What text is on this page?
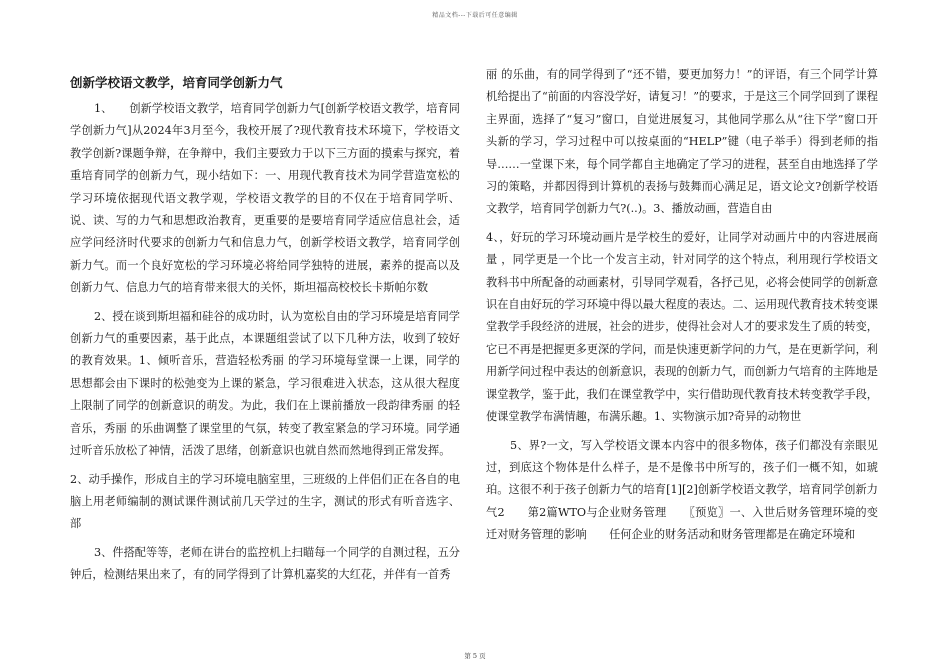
精品文档---下载后可任意编辑
创新学校语文教学，培育同学创新力气

1、　　创新学校语文教学，培育同学创新力气[创新学校语文教学，培育同学创新力气]从2024年3月至今，我校开展了?现代教育技术环境下，学校语文教学创新?课题争辩，在争辩中，我们主要致力于以下三方面的摸索与探究，着重培育同学的创新力气，现小结如下：一、用现代教育技术为同学营造宽松的学习环境依据现代语文教学观，学校语文教学的目的不仅在于培育同学听、说、读、写的力气和思想政治教育，更重要的是要培育同学适应信息社会，适应学问经济时代要求的创新力气和信息力气，创新学校语文教学，培育同学创新力气。而一个良好宽松的学习环境必将给同学独特的进展，素养的提高以及创新力气、信息力气的培育带来很大的关怀，斯坦福高校校长卡斯帕尔数

2、授在谈到斯坦福和硅谷的成功时，认为宽松自由的学习环境是培育同学创新力气的重要因素，基于此点，本课题组尝试了以下几种方法，收到了较好的教育效果。1、倾听音乐，营造轻松秀丽 的学习环境每堂课一上课，同学的思想都会由下课时的松弛变为上课的紧急，学习很难进入状态，这从很大程度上限制了同学的创新意识的萌发。为此，我们在上课前播放一段韵律秀丽 的轻音乐，秀丽 的乐曲调整了课堂里的气氛，转变了教室紧急的学习环境。同学通过听音乐放松了神情，活泼了思绪，创新意识也就自然而然地得到正常发挥。

2、动手操作，形成自主的学习环境电脑室里，三班级的上伴侣们正在各自的电脑上用老师编制的测试课件测试前几天学过的生字，测试的形式有听音选字、部

3、件搭配等等，老师在讲台的监控机上扫瞄每一个同学的自测过程，五分钟后，检测结果出来了，有的同学得到了计算机嘉奖的大红花，并伴有一首秀

丽 的乐曲，有的同学得到了“还不错，要更加努力！”的评语，有三个同学计算机给提出了“前面的内容没学好，请复习！”的要求，于是这三个同学回到了课程主界面，选择了“复习”窗口，自觉进展复习，其他同学那么从“往下学”窗口开头新的学习，学习过程中可以按桌面的“HELP”键（电子举手）得到老师的指导……一堂课下来，每个同学都自主地确定了学习的进程，甚至自由地选择了学习的策略，并都因得到计算机的表扬与鼓舞而心满足足，语文论文?创新学校语文教学，培育同学创新力气?(..)。3、播放动画，营造自由

4、，好玩的学习环境动画片是学校生的爱好，让同学对动画片中的内容进展商量 ，同学更是一个比一个发言主动，针对同学的这个特点，利用现行学校语文教科书中所配备的动画素材，引导同学观看，各抒己见，必将会使同学的创新意识在自由好玩的学习环境中得以最大程度的表达。二、运用现代教育技术转变课堂教学手段经济的进展，社会的进步，使得社会对人才的要求发生了质的转变，它已不再是把握更多更深的学问，而是快速更新学问的力气，是在更新学问，利用新学问过程中表达的创新意识，表现的创新力气，而创新力气培育的主阵地是课堂教学，鉴于此，我们在课堂教学中，实行借助现代教育技术转变教学手段，使课堂教学布满情趣，布满乐趣。1、实物演示加?奇异的动物世

5、界?一文，写入学校语文课本内容中的很多物体，孩子们都没有亲眼见过，到底这个物体是什么样子，是不是像书中所写的，孩子们一概不知，如琥珀。这很不利于孩子创新力气的培育[1][2]创新学校语文教学，培育同学创新力气2　　第2篇WTO与企业财务管理　　〖预览〗一、入世后财务管理环境的变迁对财务管理的影响　　任何企业的财务活动和财务管理都是在确定环境和

第 5 页
